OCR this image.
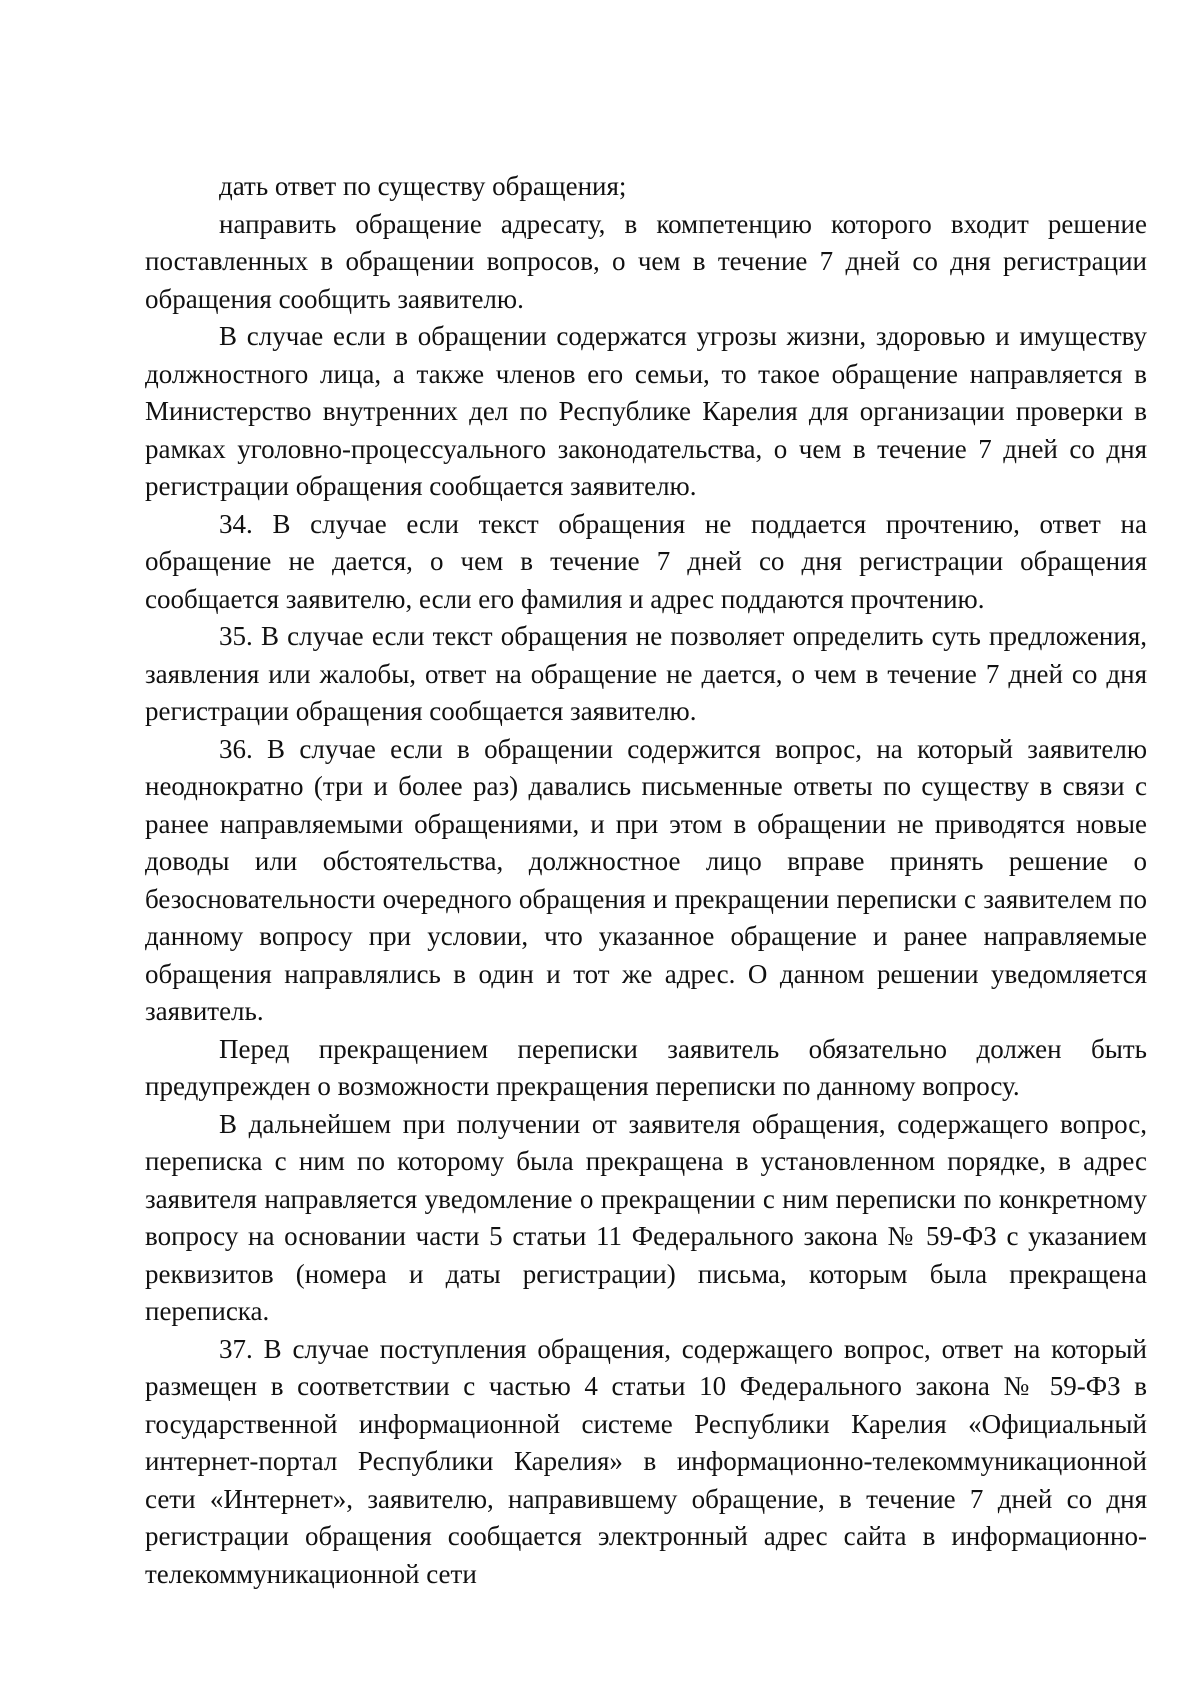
дать ответ по существу обращения;

направить обращение адресату, в компетенцию которого входит решение поставленных в обращении вопросов, о чем в течение 7 дней со дня регистрации обращения сообщить заявителю.

В случае если в обращении содержатся угрозы жизни, здоровью и имуществу должностного лица, а также членов его семьи, то такое обращение направляется в Министерство внутренних дел по Республике Карелия для организации проверки в рамках уголовно-процессуального законодательства, о чем в течение 7 дней со дня регистрации обращения сообщается заявителю.

34. В случае если текст обращения не поддается прочтению, ответ на обращение не дается, о чем в течение 7 дней со дня регистрации обращения сообщается заявителю, если его фамилия и адрес поддаются прочтению.

35. В случае если текст обращения не позволяет определить суть предложения, заявления или жалобы, ответ на обращение не дается, о чем в течение 7 дней со дня регистрации обращения сообщается заявителю.

36. В случае если в обращении содержится вопрос, на который заявителю неоднократно (три и более раз) давались письменные ответы по существу в связи с ранее направляемыми обращениями, и при этом в обращении не приводятся новые доводы или обстоятельства, должностное лицо вправе принять решение о безосновательности очередного обращения и прекращении переписки с заявителем по данному вопросу при условии, что указанное обращение и ранее направляемые обращения направлялись в один и тот же адрес. О данном решении уведомляется заявитель.

Перед прекращением переписки заявитель обязательно должен быть предупрежден о возможности прекращения переписки по данному вопросу.

В дальнейшем при получении от заявителя обращения, содержащего вопрос, переписка с ним по которому была прекращена в установленном порядке, в адрес заявителя направляется уведомление о прекращении с ним переписки по конкретному вопросу на основании части 5 статьи 11 Федерального закона № 59-ФЗ с указанием реквизитов (номера и даты регистрации) письма, которым была прекращена переписка.

37. В случае поступления обращения, содержащего вопрос, ответ на который размещен в соответствии с частью 4 статьи 10 Федерального закона № 59-ФЗ в государственной информационной системе Республики Карелия «Официальный интернет-портал Республики Карелия» в информационно-телекоммуникационной сети «Интернет», заявителю, направившему обращение, в течение 7 дней со дня регистрации обращения сообщается электронный адрес сайта в информационно-телекоммуникационной сети
